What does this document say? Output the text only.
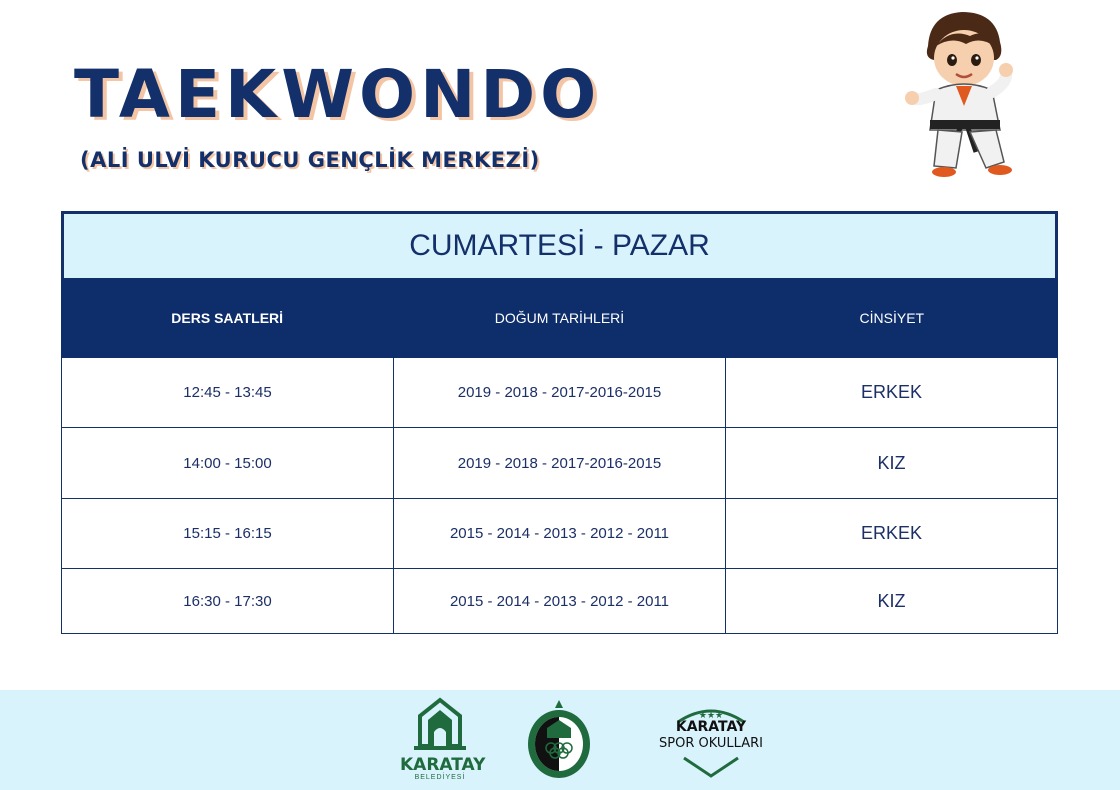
TAEKWONDO
(ALİ ULVİ KURUCU GENÇLİK MERKEZİ)
CUMARTESİ - PAZAR
DERS SAATLERİ	DOĞUM TARİHLERİ	CİNSİYET
12:45 - 13:45	2019 - 2018 - 2017-2016-2015	ERKEK
14:00 - 15:00	2019 - 2018 - 2017-2016-2015	KIZ
15:15 - 16:15	2015 - 2014 - 2013 - 2012 - 2011	ERKEK
16:30 - 17:30	2015 - 2014 - 2013 - 2012 - 2011	KIZ
KARATAY
BELEDİYESİ
★★★
KARATAY
SPOR OKULLARI
